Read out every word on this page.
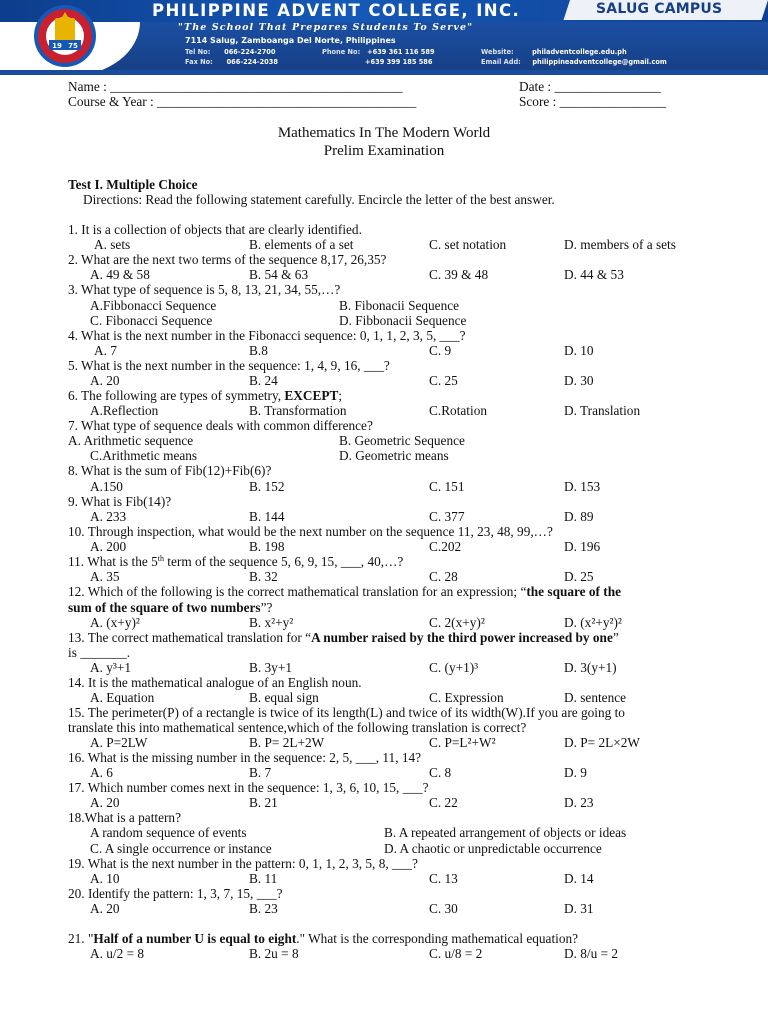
19 75
PHILIPPINE ADVENT COLLEGE, INC.	SALUG CAMPUS
"The School That Prepares Students To Serve"
7114 Salug, Zamboanga Del Norte, Philippines
Tel No: 066-224-2700
Fax No: 066-224-2038
Phone No: +639 361 116 589
+639 399 185 586
Website:	philadventcollege.edu.ph
Email Add: philippineadventcollege@gmail.com
Name : ____________________________________________
Course & Year : _______________________________________
Date : ________________
Score : ________________
Mathematics In The Modern World
Prelim Examination
Test I. Multiple Choice
Directions: Read the following statement carefully. Encircle the letter of the best answer.
1. It is a collection of objects that are clearly identified.
A. sets	B. elements of a set	C. set notation	D. members of a sets
2. What are the next two terms of the sequence 8,17, 26,35?
A. 49 & 58	B. 54 & 63	C. 39 & 48	D. 44 & 53
3. What type of sequence is 5, 8, 13, 21, 34, 55,…?
A.Fibbonacci Sequence	B. Fibonacii Sequence
C. Fibonacci Sequence	D. Fibbonacii Sequence
4. What is the next number in the Fibonacci sequence: 0, 1, 1, 2, 3, 5, ___?
A. 7	B.8	C. 9	D. 10
5. What is the next number in the sequence: 1, 4, 9, 16, ___?
A. 20	B. 24	C. 25	D. 30
6. The following are types of symmetry, EXCEPT;
A.Reflection	B. Transformation	C.Rotation	D. Translation
7. What type of sequence deals with common difference?
A. Arithmetic sequence	B. Geometric Sequence
C.Arithmetic means	D. Geometric means
8. What is the sum of Fib(12)+Fib(6)?
A.150	B. 152	C. 151	D. 153
9. What is Fib(14)?
A. 233	B. 144	C. 377	D. 89
10. Through inspection, what would be the next number on the sequence 11, 23, 48, 99,…?
A. 200	B. 198	C.202	D. 196
11. What is the 5th term of the sequence 5, 6, 9, 15, ___, 40,…?
A. 35	B. 32	C. 28	D. 25
12. Which of the following is the correct mathematical translation for an expression; “the square of the
sum of the square of two numbers”?
A. (x+y)²	B. x²+y²	C. 2(x+y)²	D. (x²+y²)²
13. The correct mathematical translation for “A number raised by the third power increased by one”
is _______.
A. y³+1	B. 3y+1	C. (y+1)³	D. 3(y+1)
14. It is the mathematical analogue of an English noun.
A. Equation	B. equal sign	C. Expression	D. sentence
15. The perimeter(P) of a rectangle is twice of its length(L) and twice of its width(W).If you are going to
translate this into mathematical sentence,which of the following translation is correct?
A. P=2LW	B. P= 2L+2W	C. P=L²+W²	D. P= 2L×2W
16. What is the missing number in the sequence: 2, 5, ___, 11, 14?
A. 6	B. 7	C. 8	D. 9
17. Which number comes next in the sequence: 1, 3, 6, 10, 15, ___?
A. 20	B. 21	C. 22	D. 23
18.What is a pattern?
A random sequence of events	B. A repeated arrangement of objects or ideas
C. A single occurrence or instance	D. A chaotic or unpredictable occurrence
19. What is the next number in the pattern: 0, 1, 1, 2, 3, 5, 8, ___?
A. 10	B. 11	C. 13	D. 14
20. Identify the pattern: 1, 3, 7, 15, ___?
A. 20	B. 23	C. 30	D. 31
21. "Half of a number U is equal to eight." What is the corresponding mathematical equation?
A. u/2 = 8	B. 2u = 8	C. u/8 = 2	D. 8/u = 2
